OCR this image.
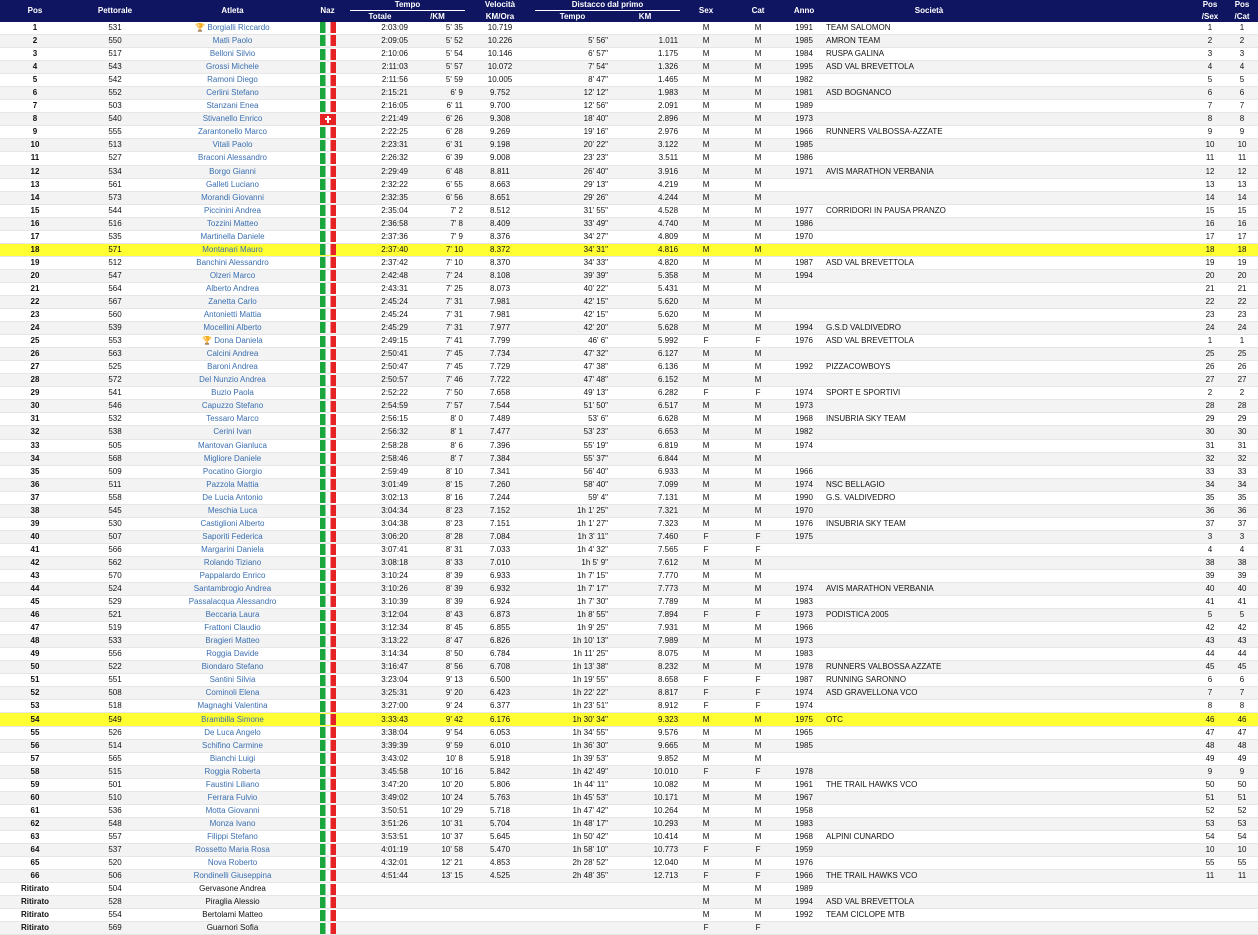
Pos	Pettorale	Atleta	Naz	Tempo		Velocità	Distacco dal primo		Sex	Cat	Anno	Società		Pos	Pos
				Totale	/KM	KM/Ora	Tempo	KM						/Sex	/Cat
1	531	🏆 Borgialli Riccardo		2:03:09	5' 35	10.719			M	M	1991	TEAM SALOMON		1	1
2	550	Matli Paolo		2:09:05	5' 52	10.226	5' 56"	1.011	M	M	1985	AMRON TEAM		2	2
3	517	Belloni Silvio		2:10:06	5' 54	10.146	6' 57"	1.175	M	M	1984	RUSPA GALINA		3	3
4	543	Grossi Michele		2:11:03	5' 57	10.072	7' 54"	1.326	M	M	1995	ASD VAL BREVETTOLA		4	4
5	542	Ramoni Diego		2:11:56	5' 59	10.005	8' 47"	1.465	M	M	1982			5	5
6	552	Cerlini Stefano		2:15:21	6' 9	9.752	12' 12"	1.983	M	M	1981	ASD BOGNANCO		6	6
7	503	Stanzani Enea		2:16:05	6' 11	9.700	12' 56"	2.091	M	M	1989			7	7
8	540	Stivanello Enrico		2:21:49	6' 26	9.308	18' 40"	2.896	M	M	1973			8	8
9	555	Zarantonello Marco		2:22:25	6' 28	9.269	19' 16"	2.976	M	M	1966	RUNNERS VALBOSSA-AZZATE		9	9
10	513	Vitali Paolo		2:23:31	6' 31	9.198	20' 22"	3.122	M	M	1985			10	10
11	527	Braconi Alessandro		2:26:32	6' 39	9.008	23' 23"	3.511	M	M	1986			11	11
12	534	Borgo Gianni		2:29:49	6' 48	8.811	26' 40"	3.916	M	M	1971	AVIS MARATHON VERBANIA		12	12
13	561	Galleti Luciano		2:32:22	6' 55	8.663	29' 13"	4.219	M	M				13	13
14	573	Morandi Giovanni		2:32:35	6' 56	8.651	29' 26"	4.244	M	M				14	14
15	544	Piccinini Andrea		2:35:04	7' 2	8.512	31' 55"	4.528	M	M	1977	CORRIDORI IN PAUSA PRANZO		15	15
16	516	Tozzini Matteo		2:36:58	7' 8	8.409	33' 49"	4.740	M	M	1986			16	16
17	535	Martinella Daniele		2:37:36	7' 9	8.376	34' 27"	4.809	M	M	1970			17	17
18	571	Montanari Mauro		2:37:40	7' 10	8.372	34' 31"	4.816	M	M				18	18
19	512	Banchini Alessandro		2:37:42	7' 10	8.370	34' 33"	4.820	M	M	1987	ASD VAL BREVETTOLA		19	19
20	547	Olzeri Marco		2:42:48	7' 24	8.108	39' 39"	5.358	M	M	1994			20	20
21	564	Alberto Andrea		2:43:31	7' 25	8.073	40' 22"	5.431	M	M				21	21
22	567	Zanetta Carlo		2:45:24	7' 31	7.981	42' 15"	5.620	M	M				22	22
23	560	Antonietti Mattia		2:45:24	7' 31	7.981	42' 15"	5.620	M	M				23	23
24	539	Mocellini Alberto		2:45:29	7' 31	7.977	42' 20"	5.628	M	M	1994	G.S.D VALDIVEDRO		24	24
25	553	🏆 Dona Daniela		2:49:15	7' 41	7.799	46' 6"	5.992	F	F	1976	ASD VAL BREVETTOLA		1	1
26	563	Calcini Andrea		2:50:41	7' 45	7.734	47' 32"	6.127	M	M				25	25
27	525	Baroni Andrea		2:50:47	7' 45	7.729	47' 38"	6.136	M	M	1992	PIZZACOWBOYS		26	26
28	572	Del Nunzio Andrea		2:50:57	7' 46	7.722	47' 48"	6.152	M	M				27	27
29	541	Buzio Paola		2:52:22	7' 50	7.658	49' 13"	6.282	F	F	1974	SPORT E SPORTIVI		2	2
30	546	Capuzzo Stefano		2:54:59	7' 57	7.544	51' 50"	6.517	M	M	1973			28	28
31	532	Tessaro Marco		2:56:15	8' 0	7.489	53' 6"	6.628	M	M	1968	INSUBRIA SKY TEAM		29	29
32	538	Cerini Ivan		2:56:32	8' 1	7.477	53' 23"	6.653	M	M	1982			30	30
33	505	Mantovan Gianluca		2:58:28	8' 6	7.396	55' 19"	6.819	M	M	1974			31	31
34	568	Migliore Daniele		2:58:46	8' 7	7.384	55' 37"	6.844	M	M				32	32
35	509	Pocatino Giorgio		2:59:49	8' 10	7.341	56' 40"	6.933	M	M	1966			33	33
36	511	Pazzola Mattia		3:01:49	8' 15	7.260	58' 40"	7.099	M	M	1974	NSC BELLAGIO		34	34
37	558	De Lucia Antonio		3:02:13	8' 16	7.244	59' 4"	7.131	M	M	1990	G.S. VALDIVEDRO		35	35
38	545	Meschia Luca		3:04:34	8' 23	7.152	1h 1' 25"	7.321	M	M	1970			36	36
39	530	Castiglioni Alberto		3:04:38	8' 23	7.151	1h 1' 27"	7.323	M	M	1976	INSUBRIA SKY TEAM		37	37
40	507	Saporiti Federica		3:06:20	8' 28	7.084	1h 3' 11"	7.460	F	F	1975			3	3
41	566	Margarini Daniela		3:07:41	8' 31	7.033	1h 4' 32"	7.565	F	F				4	4
42	562	Rolando Tiziano		3:08:18	8' 33	7.010	1h 5' 9"	7.612	M	M				38	38
43	570	Pappalardo Enrico		3:10:24	8' 39	6.933	1h 7' 15"	7.770	M	M				39	39
44	524	Santambrogio Andrea		3:10:26	8' 39	6.932	1h 7' 17"	7.773	M	M	1974	AVIS MARATHON VERBANIA		40	40
45	529	Passalacqua Alessandro		3:10:39	8' 39	6.924	1h 7' 30"	7.789	M	M	1983			41	41
46	521	Beccaria Laura		3:12:04	8' 43	6.873	1h 8' 55"	7.894	F	F	1973	PODISTICA 2005		5	5
47	519	Frattoni Claudio		3:12:34	8' 45	6.855	1h 9' 25"	7.931	M	M	1966			42	42
48	533	Bragieri Matteo		3:13:22	8' 47	6.826	1h 10' 13"	7.989	M	M	1973			43	43
49	556	Roggia Davide		3:14:34	8' 50	6.784	1h 11' 25"	8.075	M	M	1983			44	44
50	522	Biondaro Stefano		3:16:47	8' 56	6.708	1h 13' 38"	8.232	M	M	1978	RUNNERS VALBOSSA AZZATE		45	45
51	551	Santini Silvia		3:23:04	9' 13	6.500	1h 19' 55"	8.658	F	F	1987	RUNNING SARONNO		6	6
52	508	Cominoli Elena		3:25:31	9' 20	6.423	1h 22' 22"	8.817	F	F	1974	ASD GRAVELLONA VCO		7	7
53	518	Magnaghi Valentina		3:27:00	9' 24	6.377	1h 23' 51"	8.912	F	F	1974			8	8
54	549	Brambilla Simone		3:33:43	9' 42	6.176	1h 30' 34"	9.323	M	M	1975	OTC		46	46
55	526	De Luca Angelo		3:38:04	9' 54	6.053	1h 34' 55"	9.576	M	M	1965			47	47
56	514	Schifino Carmine		3:39:39	9' 59	6.010	1h 36' 30"	9.665	M	M	1985			48	48
57	565	Bianchi Luigi		3:43:02	10' 8	5.918	1h 39' 53"	9.852	M	M				49	49
58	515	Roggia Roberta		3:45:58	10' 16	5.842	1h 42' 49"	10.010	F	F	1978			9	9
59	501	Faustini Liliano		3:47:20	10' 20	5.806	1h 44' 11"	10.082	M	M	1961	THE TRAIL HAWKS VCO		50	50
60	510	Ferrara Fulvio		3:49:02	10' 24	5.763	1h 45' 53"	10.171	M	M	1967			51	51
61	536	Motta Giovanni		3:50:51	10' 29	5.718	1h 47' 42"	10.264	M	M	1958			52	52
62	548	Monza Ivano		3:51:26	10' 31	5.704	1h 48' 17"	10.293	M	M	1983			53	53
63	557	Filippi Stefano		3:53:51	10' 37	5.645	1h 50' 42"	10.414	M	M	1968	ALPINI CUNARDO		54	54
64	537	Rossetto Maria Rosa		4:01:19	10' 58	5.470	1h 58' 10"	10.773	F	F	1959			10	10
65	520	Nova Roberto		4:32:01	12' 21	4.853	2h 28' 52"	12.040	M	M	1976			55	55
66	506	Rondinelli Giuseppina		4:51:44	13' 15	4.525	2h 48' 35"	12.713	F	F	1966	THE TRAIL HAWKS VCO		11	11
Ritirato	504	Gervasone Andrea							M	M	1989				
Ritirato	528	Piraglia Alessio							M	M	1994	ASD VAL BREVETTOLA			
Ritirato	554	Bertolami Matteo							M	M	1992	TEAM CICLOPE MTB			
Ritirato	569	Guarnori Sofia							F	F					
